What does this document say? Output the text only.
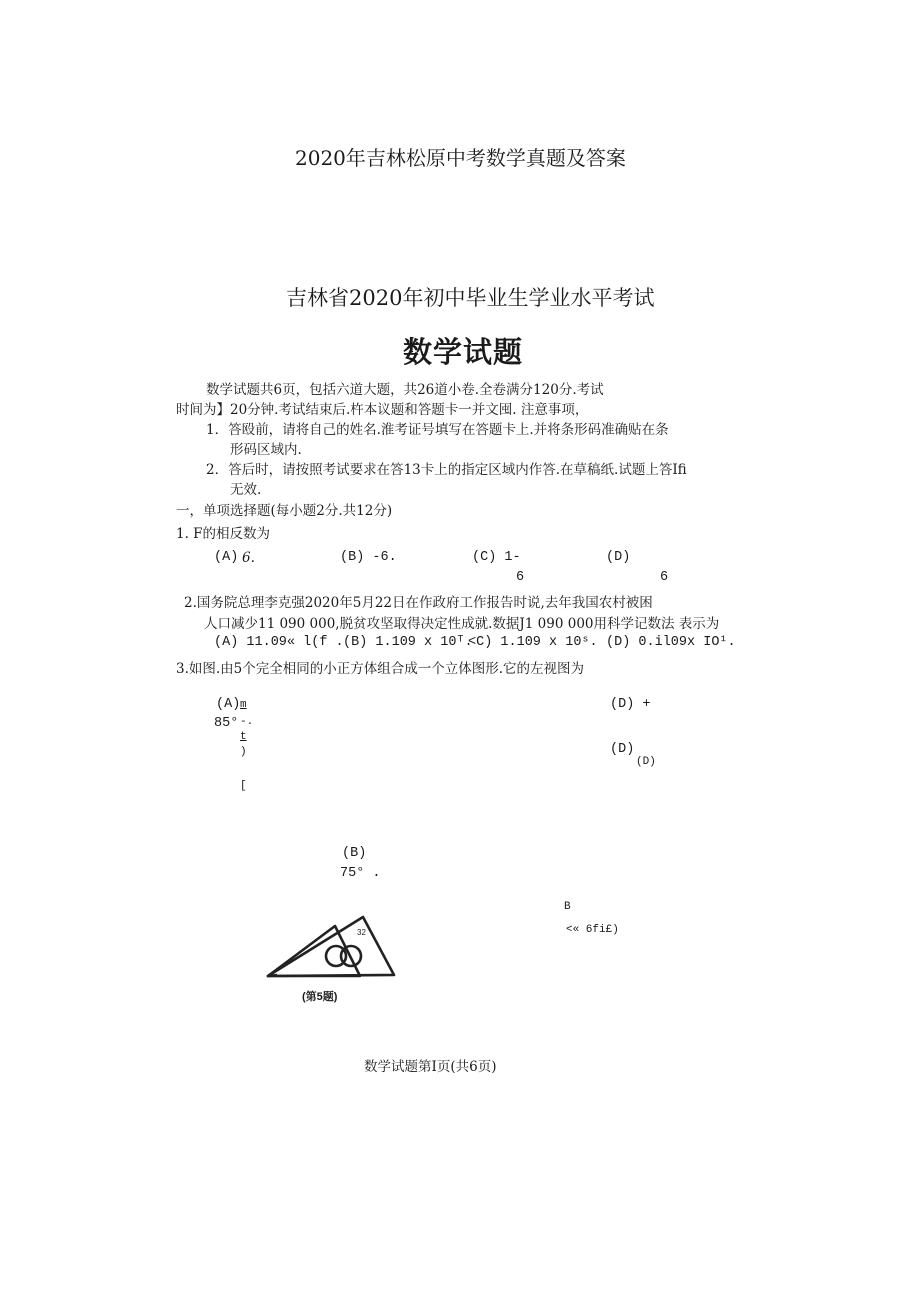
2020年吉林松原中考数学真题及答案
吉林省2020年初中毕业生学业水平考试
数学试题
数学试题共6页，包括六道大题，共26道小卷.全卷满分120分.考试
时间为】20分钟.考试结束后.杵本议题和答题卡一并文囤. 注意事项，
1．答殴前，请将自己的姓名.淮考证号填写在答题卡上.并将条形码准确贴在条
形码区域内.
2．答后时，请按照考试要求在答13卡上的指定区域内作答.在草稿纸.试题上答Ifi
无效.
一，单项选择题(每小题2分.共12分)
1. F的相反数为
(A) 6.	(B) -6.	(C) 1-
6
(D)
6
2.国务院总理李克强2020年5月22日在作政府工作报告时说,去年我国农村被困
人口减少11 090 000,脱贫攻坚取得决定性成就.数据J1 090 000用科学记数法 表示为
(A) 11.09« l(f . (B) 1.109 x 10ᵀ.
<C) 1.109 x 10ˢ. (D) 0.il09x IO¹.
3.如图.由5个完全相同的小正方体组合成一个立体图形.它的左视图为
(A) m
85° -.
t
)
[
(D) +
(D)
(D)
(B)
75° .
B
<« 6fi£)
32
(第5题)
数学试题第I页(共6页)
